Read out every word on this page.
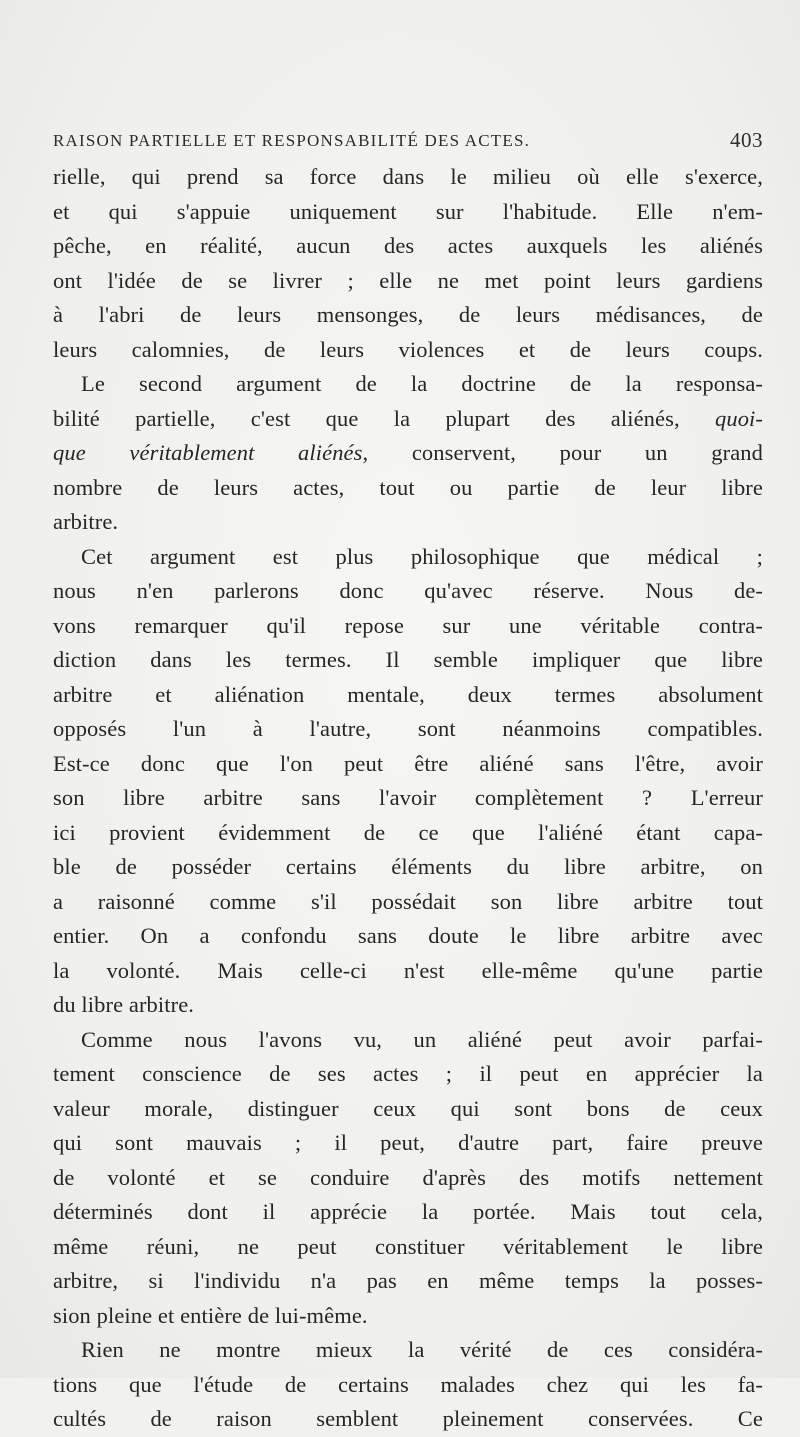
RAISON PARTIELLE ET RESPONSABILITÉ DES ACTES.	403
rielle, qui prend sa force dans le milieu où elle s'exerce,
et qui s'appuie uniquement sur l'habitude. Elle n'em-
pêche, en réalité, aucun des actes auxquels les aliénés
ont l'idée de se livrer ; elle ne met point leurs gardiens
à l'abri de leurs mensonges, de leurs médisances, de
leurs calomnies, de leurs violences et de leurs coups.
Le second argument de la doctrine de la responsa-
bilité partielle, c'est que la plupart des aliénés, quoi-
que véritablement aliénés, conservent, pour un grand
nombre de leurs actes, tout ou partie de leur libre
arbitre.
Cet argument est plus philosophique que médical ;
nous n'en parlerons donc qu'avec réserve. Nous de-
vons remarquer qu'il repose sur une véritable contra-
diction dans les termes. Il semble impliquer que libre
arbitre et aliénation mentale, deux termes absolument
opposés l'un à l'autre, sont néanmoins compatibles.
Est-ce donc que l'on peut être aliéné sans l'être, avoir
son libre arbitre sans l'avoir complètement ? L'erreur
ici provient évidemment de ce que l'aliéné étant capa-
ble de posséder certains éléments du libre arbitre, on
a raisonné comme s'il possédait son libre arbitre tout
entier. On a confondu sans doute le libre arbitre avec
la volonté. Mais celle-ci n'est elle-même qu'une partie
du libre arbitre.
Comme nous l'avons vu, un aliéné peut avoir parfai-
tement conscience de ses actes ; il peut en apprécier la
valeur morale, distinguer ceux qui sont bons de ceux
qui sont mauvais ; il peut, d'autre part, faire preuve
de volonté et se conduire d'après des motifs nettement
déterminés dont il apprécie la portée. Mais tout cela,
même réuni, ne peut constituer véritablement le libre
arbitre, si l'individu n'a pas en même temps la posses-
sion pleine et entière de lui-même.
Rien ne montre mieux la vérité de ces considéra-
tions que l'étude de certains malades chez qui les fa-
cultés de raison semblent pleinement conservées. Ce
